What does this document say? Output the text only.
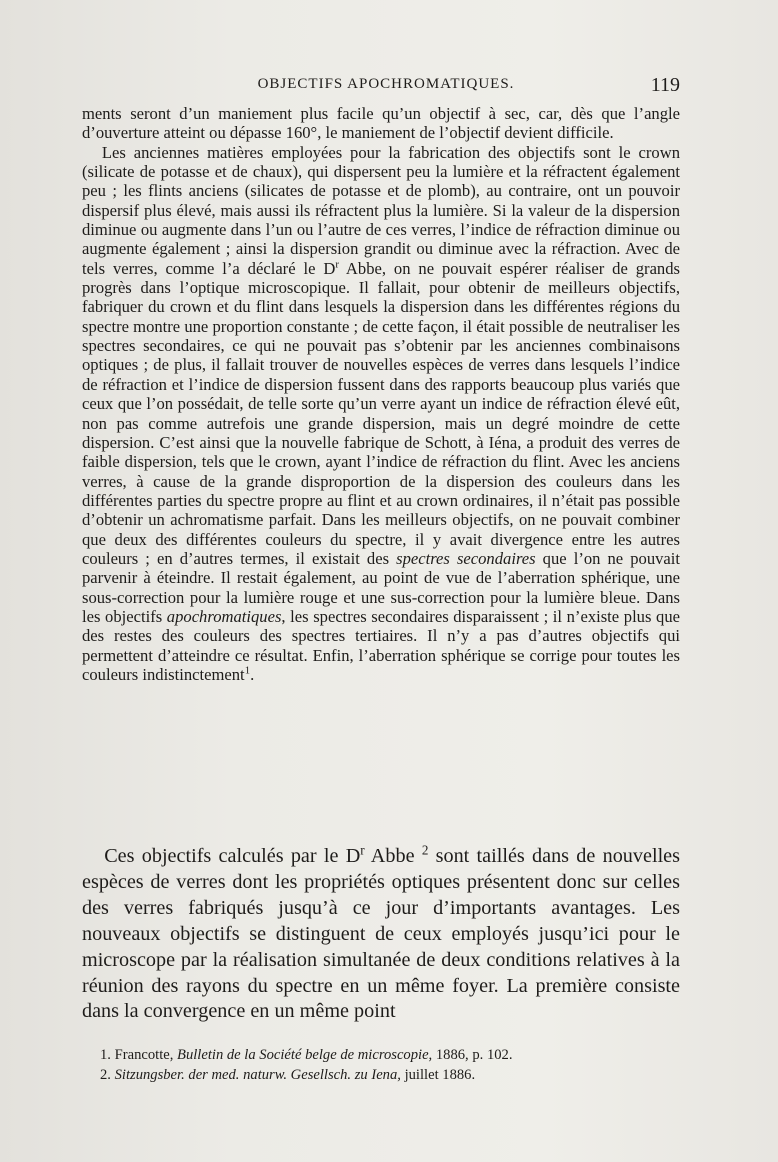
OBJECTIFS APOCHROMATIQUES.	119

ments seront d’un maniement plus facile qu’un objectif à sec, car, dès que l’angle d’ouverture atteint ou dépasse 160°, le maniement de l’objectif devient difficile.

Les anciennes matières employées pour la fabrication des objectifs sont le crown (silicate de potasse et de chaux), qui dispersent peu la lumière et la réfractent également peu ; les flints anciens (silicates de potasse et de plomb), au contraire, ont un pouvoir dispersif plus élevé, mais aussi ils réfractent plus la lumière. Si la valeur de la dispersion diminue ou augmente dans l’un ou l’autre de ces verres, l’indice de réfraction diminue ou augmente également ; ainsi la dispersion grandit ou diminue avec la réfraction. Avec de tels verres, comme l’a déclaré le $D^r$ Abbe, on ne pouvait espérer réaliser de grands progrès dans l’optique microscopique. Il fallait, pour obtenir de meilleurs objectifs, fabriquer du crown et du flint dans lesquels la dispersion dans les différentes régions du spectre montre une proportion constante ; de cette façon, il était possible de neutraliser les spectres secondaires, ce qui ne pouvait pas s’obtenir par les anciennes combinaisons optiques ; de plus, il fallait trouver de nouvelles espèces de verres dans lesquels l’indice de réfraction et l’indice de dispersion fussent dans des rapports beaucoup plus variés que ceux que l’on possédait, de telle sorte qu’un verre ayant un indice de réfraction élevé eût, non pas comme autrefois une grande dispersion, mais un degré moindre de cette dispersion. C’est ainsi que la nouvelle fabrique de Schott, à Iéna, a produit des verres de faible dispersion, tels que le crown, ayant l’indice de réfraction du flint. Avec les anciens verres, à cause de la grande disproportion de la dispersion des couleurs dans les différentes parties du spectre propre au flint et au crown ordinaires, il n’était pas possible d’obtenir un achromatisme parfait. Dans les meilleurs objectifs, on ne pouvait combiner que deux des différentes couleurs du spectre, il y avait divergence entre les autres couleurs ; en d’autres termes, il existait des spectres secondaires que l’on ne pouvait parvenir à éteindre. Il restait également, au point de vue de l’aberration sphérique, une sous-correction pour la lumière rouge et une sus-correction pour la lumière bleue. Dans les objectifs apochromatiques, les spectres secondaires disparaissent ; il n’existe plus que des restes des couleurs des spectres tertiaires. Il n’y a pas d’autres objectifs qui permettent d’atteindre ce résultat. Enfin, l’aberration sphérique se corrige pour toutes les couleurs indistinctement$^1$.

Ces objectifs calculés par le $D^r$ Abbe $^2$ sont taillés dans de nouvelles espèces de verres dont les propriétés optiques présentent donc sur celles des verres fabriqués jusqu’à ce jour d’importants avantages. Les nouveaux objectifs se distinguent de ceux employés jusqu’ici pour le microscope par la réalisation simultanée de deux conditions relatives à la réunion des rayons du spectre en un même foyer. La première consiste dans la convergence en un même point

1. Francotte, Bulletin de la Société belge de microscopie, 1886, p. 102.
2. Sitzungsber. der med. naturw. Gesellsch. zu Iena, juillet 1886.
